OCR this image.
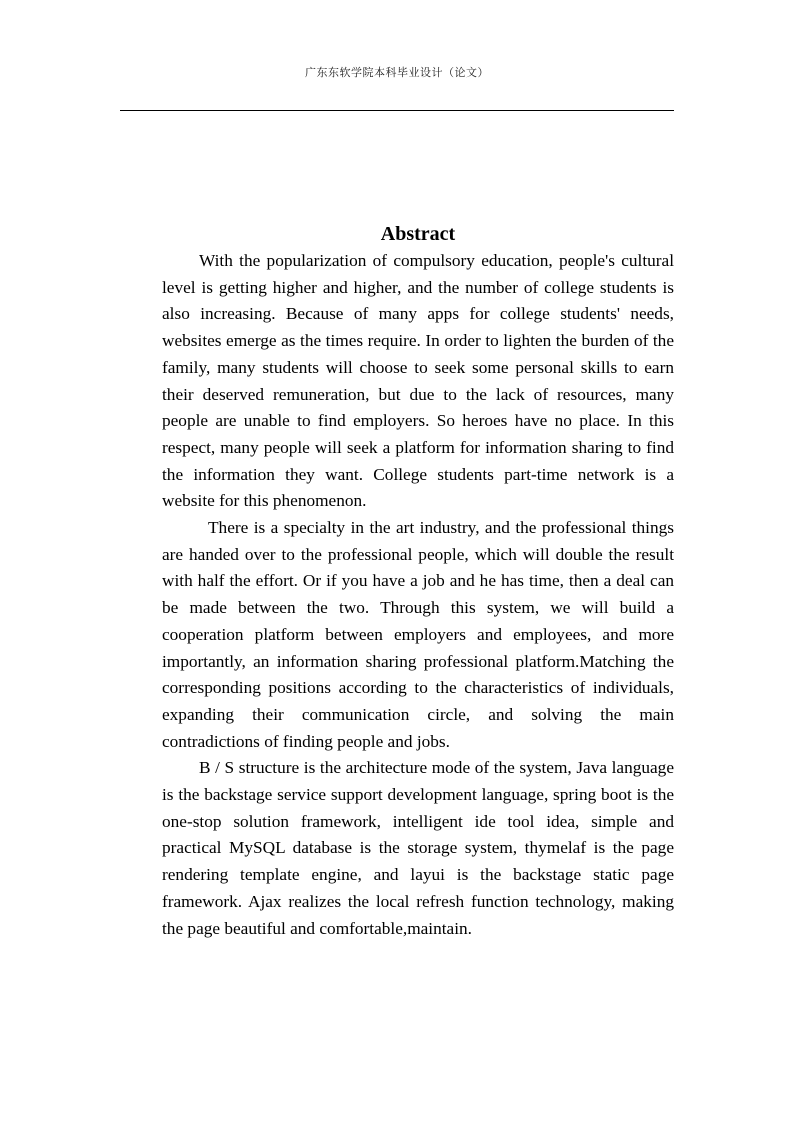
广东东软学院本科毕业设计（论文）
Abstract

With the popularization of compulsory education, people's cultural level is getting higher and higher, and the number of college students is also increasing. Because of many apps for college students' needs, websites emerge as the times require. In order to lighten the burden of the family, many students will choose to seek some personal skills to earn their deserved remuneration, but due to the lack of resources, many people are unable to find employers. So heroes have no place. In this respect, many people will seek a platform for information sharing to find the information they want. College students part-time network is a website for this phenomenon.

There is a specialty in the art industry, and the professional things are handed over to the professional people, which will double the result with half the effort. Or if you have a job and he has time, then a deal can be made between the two. Through this system, we will build a cooperation platform between employers and employees, and more importantly, an information sharing professional platform.Matching the corresponding positions according to the characteristics of individuals, expanding their communication circle, and solving the main contradictions of finding people and jobs.

B / S structure is the architecture mode of the system, Java language is the backstage service support development language, spring boot is the one-stop solution framework, intelligent ide tool idea, simple and practical MySQL database is the storage system, thymelaf is the page rendering template engine, and layui is the backstage static page framework. Ajax realizes the local refresh function technology, making the page beautiful and comfortable,maintain.
